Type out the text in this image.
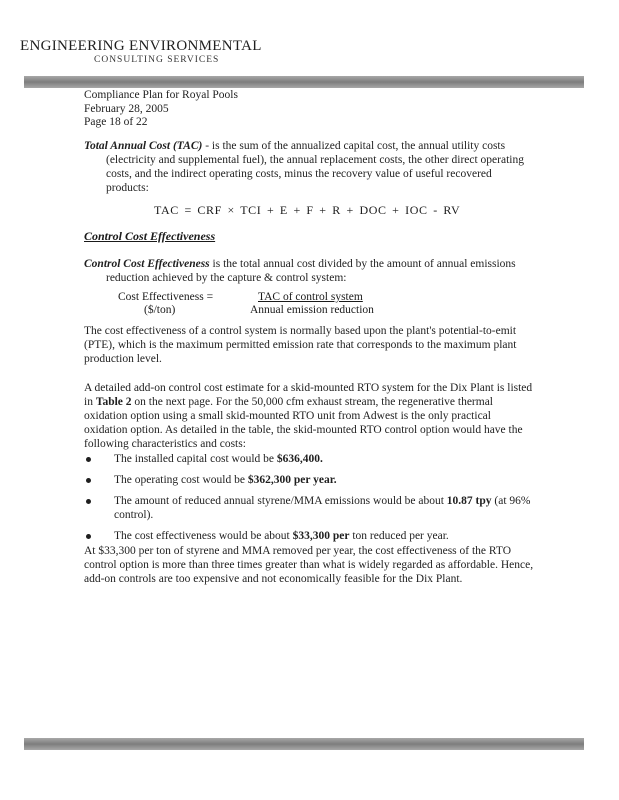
ENGINEERING ENVIRONMENTAL
CONSULTING SERVICES
Compliance Plan for Royal Pools
February 28, 2005
Page 18 of 22

Total Annual Cost (TAC) - is the sum of the annualized capital cost, the annual utility costs (electricity and supplemental fuel), the annual replacement costs, the other direct operating costs, and the indirect operating costs, minus the recovery value of useful recovered products:

TAC = CRF × TCI + E + F + R + DOC + IOC - RV
Control Cost Effectiveness

Control Cost Effectiveness is the total annual cost divided by the amount of annual emissions reduction achieved by the capture & control system:

Cost Effectiveness =
($/ton)
TAC of control system
Annual emission reduction

The cost effectiveness of a control system is normally based upon the plant's potential-to-emit (PTE), which is the maximum permitted emission rate that corresponds to the maximum plant production level.

A detailed add-on control cost estimate for a skid-mounted RTO system for the Dix Plant is listed in Table 2 on the next page. For the 50,000 cfm exhaust stream, the regenerative thermal oxidation option using a small skid-mounted RTO unit from Adwest is the only practical oxidation option. As detailed in the table, the skid-mounted RTO control option would have the following characteristics and costs:

The installed capital cost would be $636,400.
The operating cost would be $362,300 per year.
The amount of reduced annual styrene/MMA emissions would be about 10.87 tpy (at 96% control).
The cost effectiveness would be about $33,300 per ton reduced per year.

At $33,300 per ton of styrene and MMA removed per year, the cost effectiveness of the RTO control option is more than three times greater than what is widely regarded as affordable. Hence, add-on controls are too expensive and not economically feasible for the Dix Plant.
